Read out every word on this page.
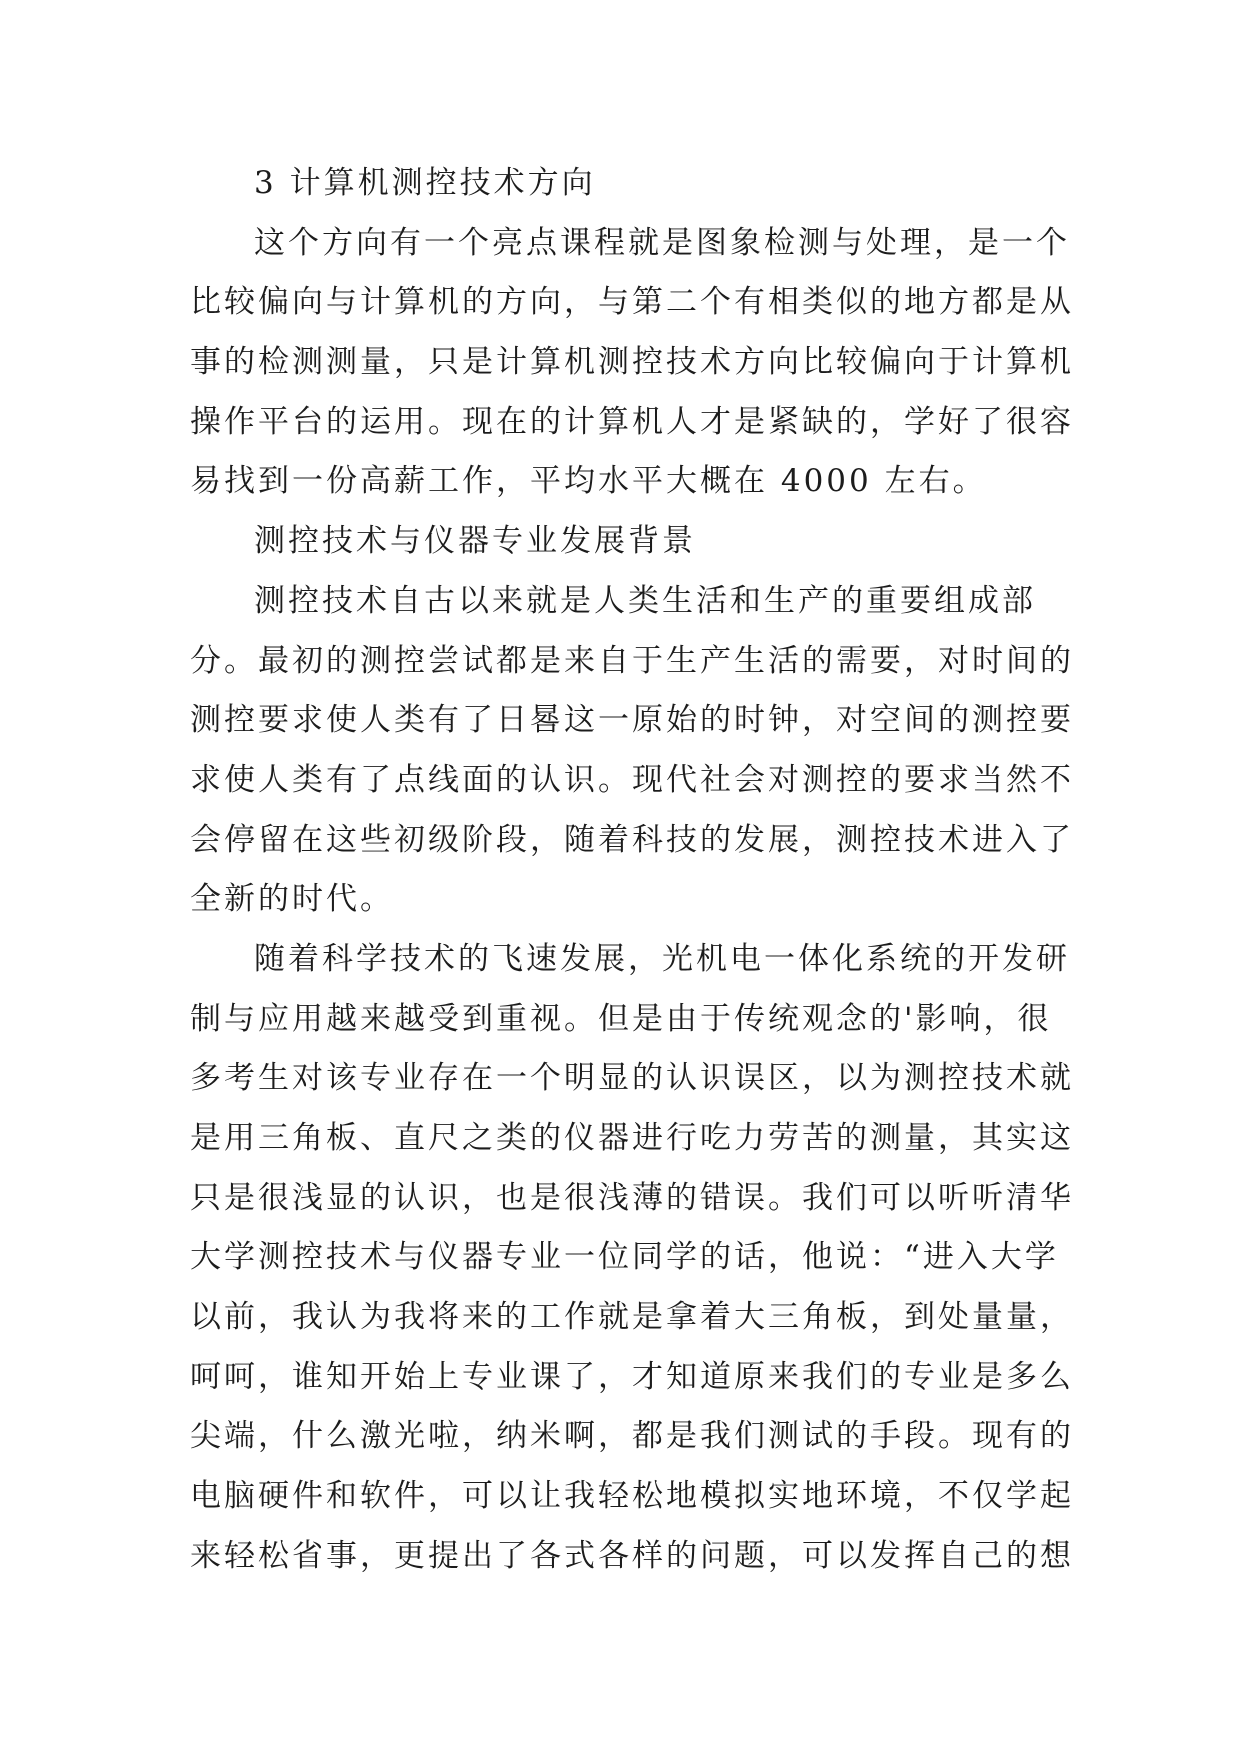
3 计算机测控技术方向
这个方向有一个亮点课程就是图象检测与处理，是一个
比较偏向与计算机的方向，与第二个有相类似的地方都是从
事的检测测量，只是计算机测控技术方向比较偏向于计算机
操作平台的运用。现在的计算机人才是紧缺的，学好了很容
易找到一份高薪工作，平均水平大概在 4000 左右。
测控技术与仪器专业发展背景
测控技术自古以来就是人类生活和生产的重要组成部
分。最初的测控尝试都是来自于生产生活的需要，对时间的
测控要求使人类有了日晷这一原始的时钟，对空间的测控要
求使人类有了点线面的认识。现代社会对测控的要求当然不
会停留在这些初级阶段，随着科技的发展，测控技术进入了
全新的时代。
随着科学技术的飞速发展，光机电一体化系统的开发研
制与应用越来越受到重视。但是由于传统观念的'影响，很
多考生对该专业存在一个明显的认识误区，以为测控技术就
是用三角板、直尺之类的仪器进行吃力劳苦的测量，其实这
只是很浅显的认识，也是很浅薄的错误。我们可以听听清华
大学测控技术与仪器专业一位同学的话，他说：“进入大学
以前，我认为我将来的工作就是拿着大三角板，到处量量，
呵呵，谁知开始上专业课了，才知道原来我们的专业是多么
尖端，什么激光啦，纳米啊，都是我们测试的手段。现有的
电脑硬件和软件，可以让我轻松地模拟实地环境，不仅学起
来轻松省事，更提出了各式各样的问题，可以发挥自己的想
